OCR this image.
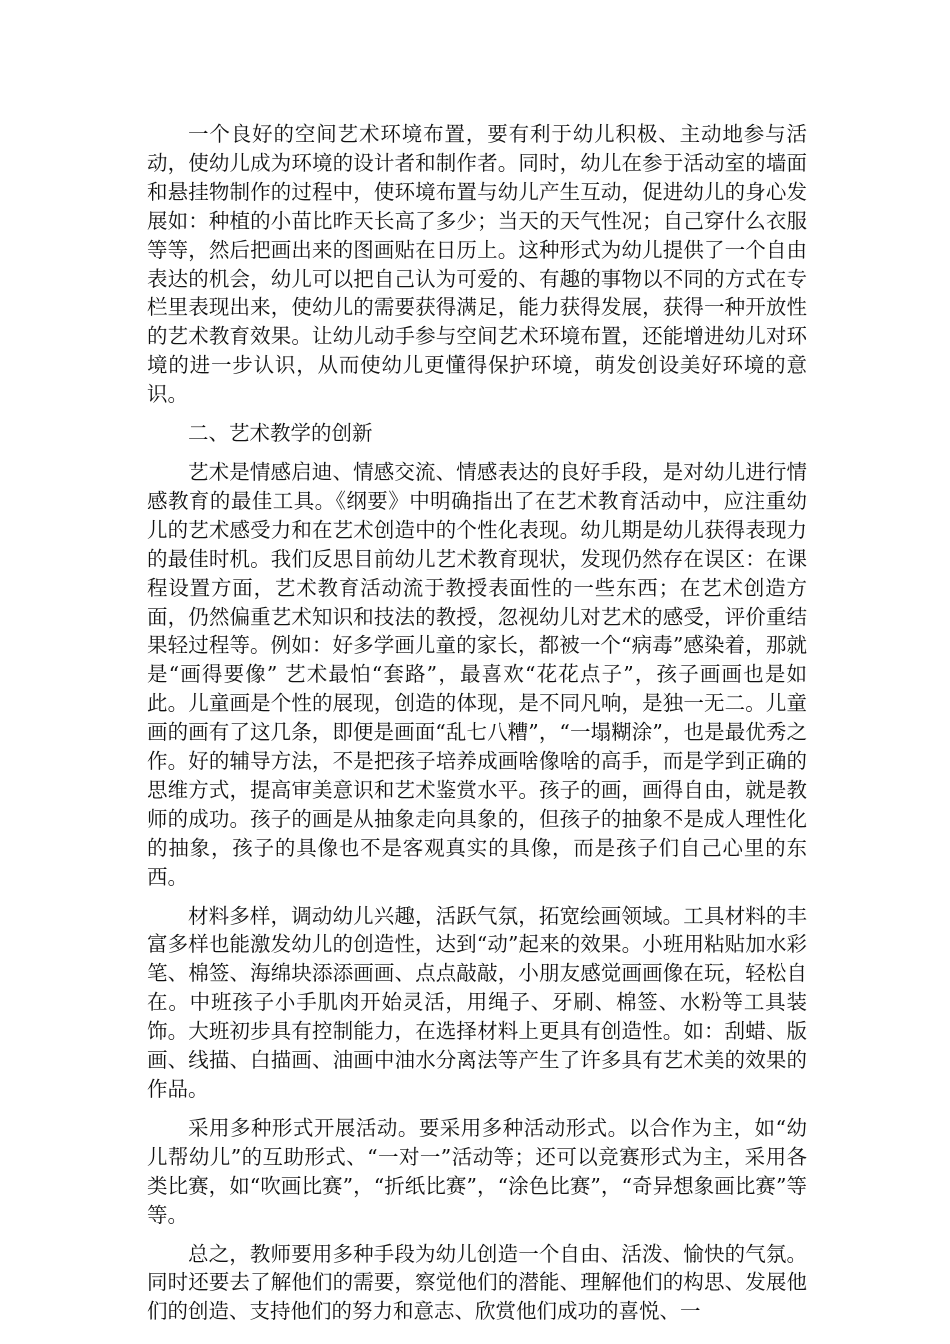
一个良好的空间艺术环境布置，要有利于幼儿积极、主动地参与活动，使幼儿成为环境的设计者和制作者。同时，幼儿在参于活动室的墙面和悬挂物制作的过程中，使环境布置与幼儿产生互动，促进幼儿的身心发展如：种植的小苗比昨天长高了多少；当天的天气性况；自己穿什么衣服等等，然后把画出来的图画贴在日历上。这种形式为幼儿提供了一个自由表达的机会，幼儿可以把自己认为可爱的、有趣的事物以不同的方式在专栏里表现出来，使幼儿的需要获得满足，能力获得发展，获得一种开放性的艺术教育效果。让幼儿动手参与空间艺术环境布置，还能增进幼儿对环境的进一步认识，从而使幼儿更懂得保护环境，萌发创设美好环境的意识。

二、艺术教学的创新

艺术是情感启迪、情感交流、情感表达的良好手段，是对幼儿进行情感教育的最佳工具。《纲要》中明确指出了在艺术教育活动中，应注重幼儿的艺术感受力和在艺术创造中的个性化表现。幼儿期是幼儿获得表现力的最佳时机。我们反思目前幼儿艺术教育现状，发现仍然存在误区：在课程设置方面，艺术教育活动流于教授表面性的一些东西；在艺术创造方面，仍然偏重艺术知识和技法的教授，忽视幼儿对艺术的感受，评价重结果轻过程等。例如：好多学画儿童的家长，都被一个“病毒”感染着，那就是“画得要像” 艺术最怕“套路”，最喜欢“花花点子”，孩子画画也是如此。儿童画是个性的展现，创造的体现，是不同凡响，是独一无二。儿童画的画有了这几条，即便是画面“乱七八糟”，“一塌糊涂”，也是最优秀之作。好的辅导方法，不是把孩子培养成画啥像啥的高手，而是学到正确的思维方式，提高审美意识和艺术鉴赏水平。孩子的画，画得自由，就是教师的成功。孩子的画是从抽象走向具象的，但孩子的抽象不是成人理性化的抽象，孩子的具像也不是客观真实的具像，而是孩子们自己心里的东西。

材料多样，调动幼儿兴趣，活跃气氛，拓宽绘画领域。工具材料的丰富多样也能激发幼儿的创造性，达到“动”起来的效果。小班用粘贴加水彩笔、棉签、海绵块添添画画、点点敲敲，小朋友感觉画画像在玩，轻松自在。中班孩子小手肌肉开始灵活，用绳子、牙刷、棉签、水粉等工具装饰。大班初步具有控制能力，在选择材料上更具有创造性。如：刮蜡、版画、线描、白描画、油画中油水分离法等产生了许多具有艺术美的效果的作品。

采用多种形式开展活动。要采用多种活动形式。以合作为主，如“幼儿帮幼儿”的互助形式、“一对一”活动等；还可以竞赛形式为主，采用各类比赛，如“吹画比赛”，“折纸比赛”，“涂色比赛”，“奇异想象画比赛”等等。

总之，教师要用多种手段为幼儿创造一个自由、活泼、愉快的气氛。同时还要去了解他们的需要，察觉他们的潜能、理解他们的构思、发展他们的创造、支持他们的努力和意志、欣赏他们成功的喜悦、一
